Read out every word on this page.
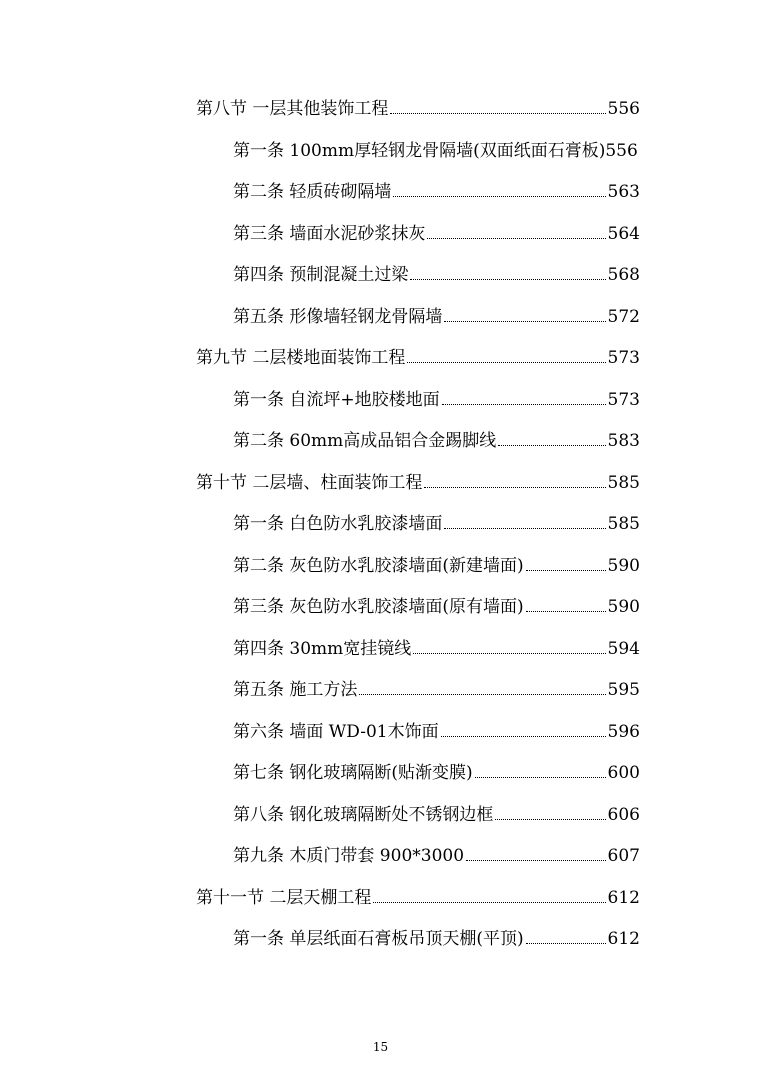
第八节 一层其他装饰工程	556
第一条 100mm厚轻钢龙骨隔墙(双面纸面石膏板) 556
第二条 轻质砖砌隔墙	563
第三条 墙面水泥砂浆抹灰	564
第四条 预制混凝土过梁	568
第五条 形像墙轻钢龙骨隔墙	572
第九节 二层楼地面装饰工程	573
第一条 自流坪+地胶楼地面	573
第二条 60mm高成品铝合金踢脚线	583
第十节 二层墙、柱面装饰工程	585
第一条 白色防水乳胶漆墙面	585
第二条 灰色防水乳胶漆墙面(新建墙面)	590
第三条 灰色防水乳胶漆墙面(原有墙面)	590
第四条 30mm宽挂镜线	594
第五条 施工方法	595
第六条 墙面 WD-01木饰面	596
第七条 钢化玻璃隔断(贴渐变膜)	600
第八条 钢化玻璃隔断处不锈钢边框	606
第九条 木质门带套 900*3000	607
第十一节 二层天棚工程	612
第一条 单层纸面石膏板吊顶天棚(平顶)	612
15
